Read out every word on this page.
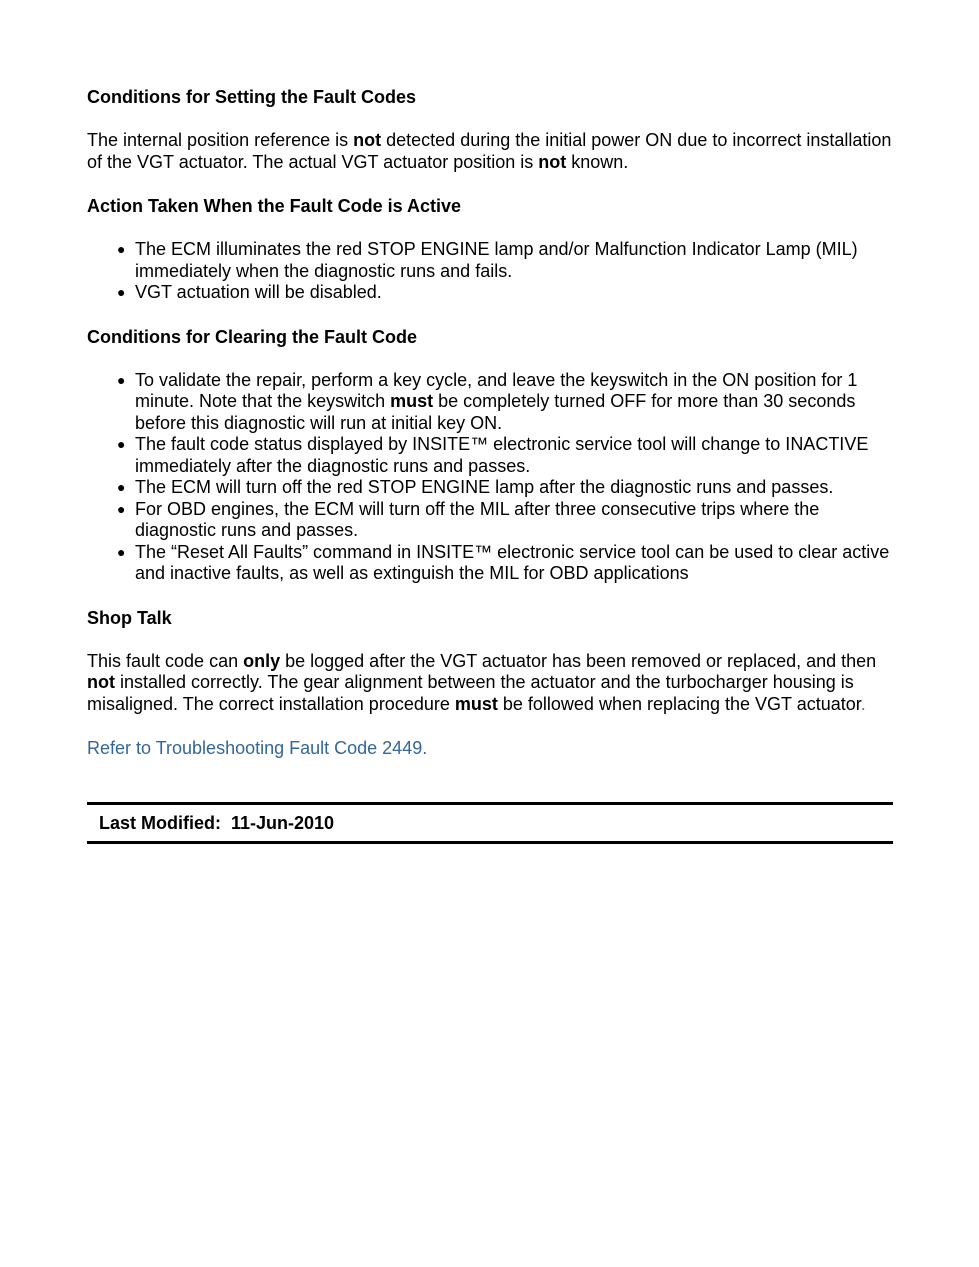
Conditions for Setting the Fault Codes

The internal position reference is not detected during the initial power ON due to incorrect installation of the VGT actuator. The actual VGT actuator position is not known.

Action Taken When the Fault Code is Active

● The ECM illuminates the red STOP ENGINE lamp and/or Malfunction Indicator Lamp (MIL) immediately when the diagnostic runs and fails.
● VGT actuation will be disabled.

Conditions for Clearing the Fault Code

● To validate the repair, perform a key cycle, and leave the keyswitch in the ON position for 1 minute. Note that the keyswitch must be completely turned OFF for more than 30 seconds before this diagnostic will run at initial key ON.
● The fault code status displayed by INSITE™ electronic service tool will change to INACTIVE immediately after the diagnostic runs and passes.
● The ECM will turn off the red STOP ENGINE lamp after the diagnostic runs and passes.
● For OBD engines, the ECM will turn off the MIL after three consecutive trips where the diagnostic runs and passes.
● The “Reset All Faults” command in INSITE™ electronic service tool can be used to clear active and inactive faults, as well as extinguish the MIL for OBD applications

Shop Talk

This fault code can only be logged after the VGT actuator has been removed or replaced, and then not installed correctly. The gear alignment between the actuator and the turbocharger housing is misaligned. The correct installation procedure must be followed when replacing the VGT actuator.

Refer to Troubleshooting Fault Code 2449.

Last Modified:  11-Jun-2010
